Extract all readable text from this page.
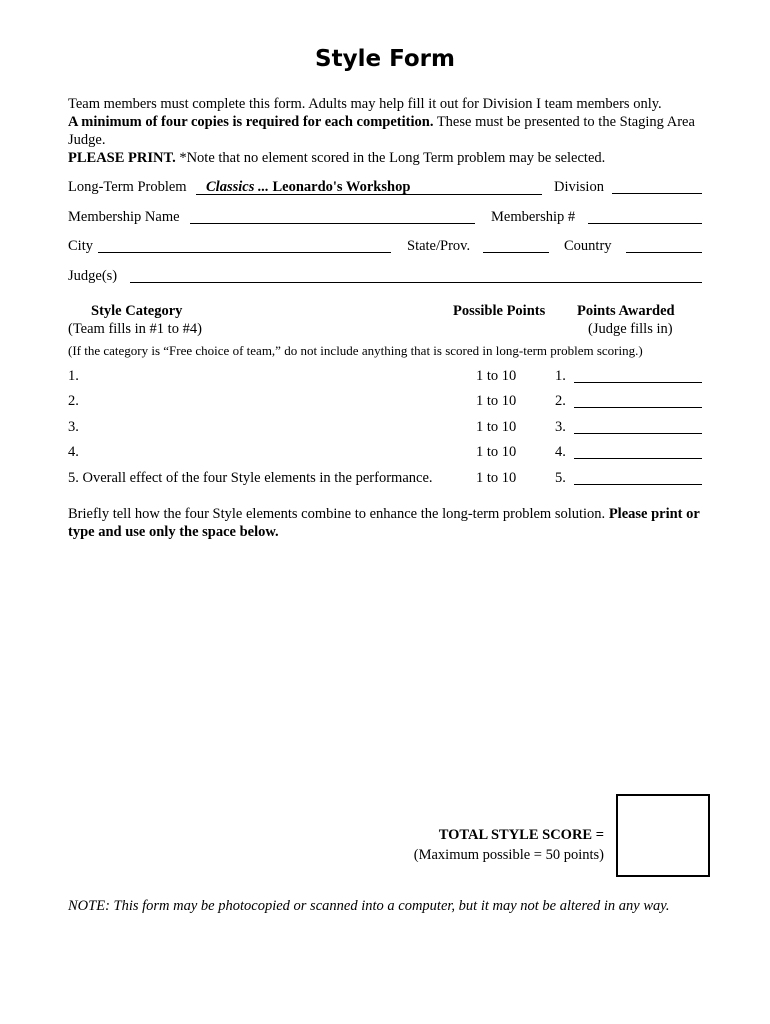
Style Form
Team members must complete this form. Adults may help fill it out for Division I team members only.
A minimum of four copies is required for each competition. These must be presented to the Staging Area Judge.
PLEASE PRINT. *Note that no element scored in the Long Term problem may be selected.
Long-Term Problem	Classics ... Leonardo's Workshop	Division
Membership Name	Membership #
City	State/Prov.	Country
Judge(s)
Style Category
(Team fills in #1 to #4)
Possible Points Points Awarded
(Judge fills in)
(If the category is “Free choice of team,” do not include anything that is scored in long-term problem scoring.)
1.	1 to 10	1.
2.	1 to 10	2.
3.	1 to 10	3.
4.	1 to 10	4.
5. Overall effect of the four Style elements in the performance.	1 to 10	5.
Briefly tell how the four Style elements combine to enhance the long-term problem solution. Please print or type and use only the space below.
TOTAL STYLE SCORE =
(Maximum possible = 50 points)
NOTE: This form may be photocopied or scanned into a computer, but it may not be altered in any way.
